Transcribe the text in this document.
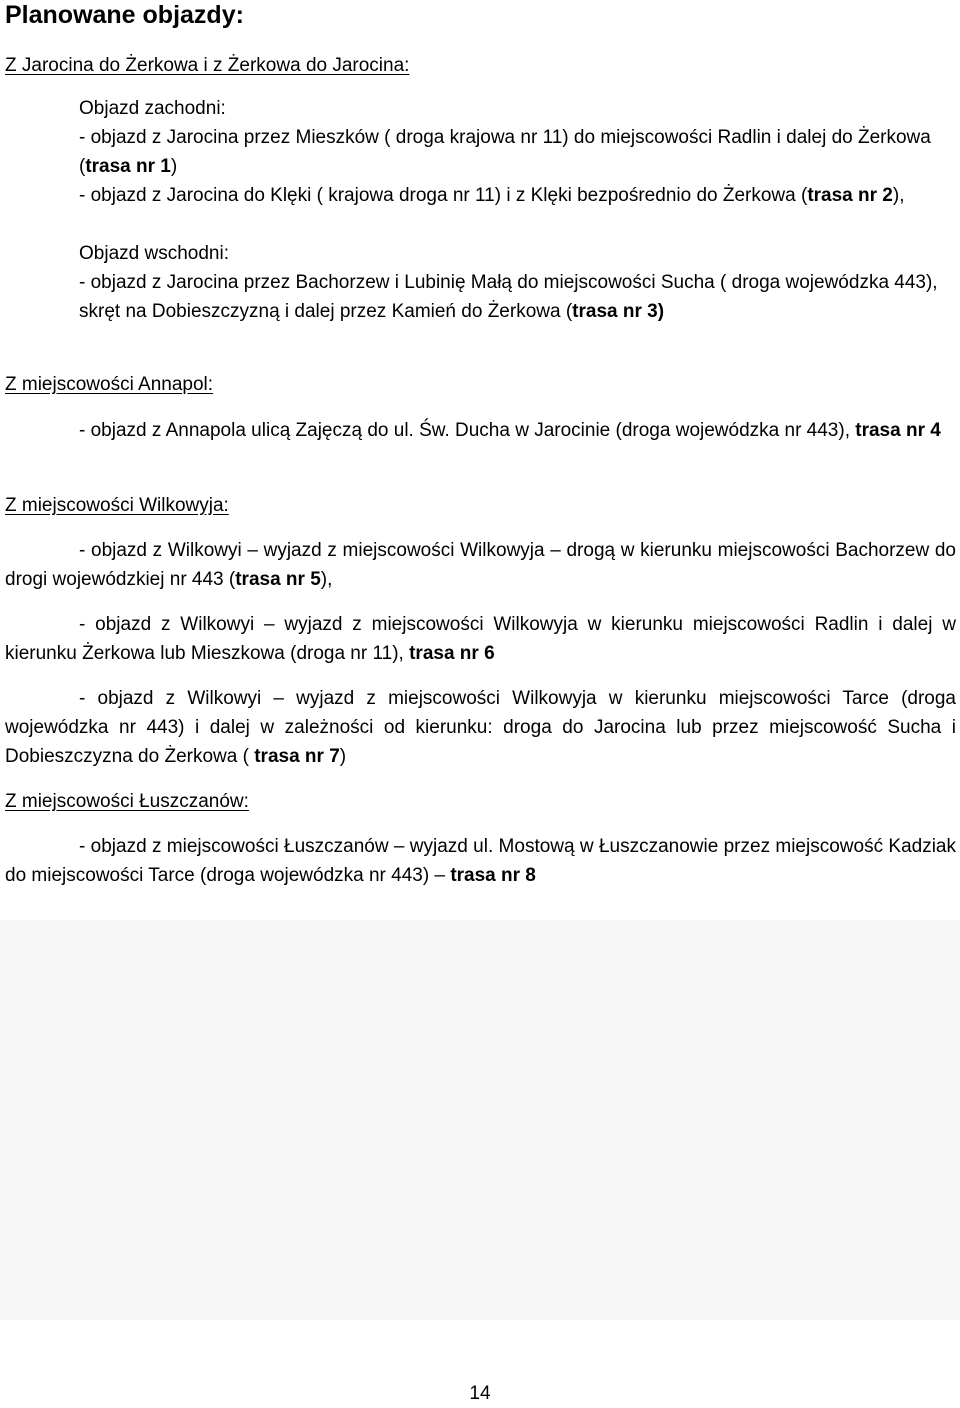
Planowane objazdy:
Z Jarocina do Żerkowa i z Żerkowa do Jarocina:
Objazd zachodni:
- objazd z Jarocina przez Mieszków ( droga krajowa nr 11) do miejscowości Radlin i dalej do Żerkowa (trasa nr 1)
- objazd z Jarocina do Klęki ( krajowa droga nr 11) i z Klęki bezpośrednio do Żerkowa (trasa nr 2),
Objazd wschodni:
- objazd z Jarocina przez Bachorzew i Lubinię Małą do miejscowości Sucha ( droga wojewódzka 443), skręt na Dobieszczyzną i dalej przez Kamień do Żerkowa (trasa nr 3)
Z miejscowości Annapol:
- objazd z Annapola ulicą Zajęczą do ul. Św. Ducha w Jarocinie (droga wojewódzka nr 443), trasa nr 4
Z miejscowości Wilkowyja:
- objazd z Wilkowyi – wyjazd z miejscowości Wilkowyja – drogą w kierunku miejscowości Bachorzew do drogi wojewódzkiej nr 443 (trasa nr 5),
- objazd z Wilkowyi – wyjazd z miejscowości Wilkowyja w kierunku miejscowości Radlin i dalej w kierunku Żerkowa lub Mieszkowa (droga nr 11), trasa nr 6
- objazd z Wilkowyi – wyjazd z miejscowości Wilkowyja w kierunku miejscowości Tarce (droga wojewódzka nr 443) i dalej w zależności od kierunku: droga do Jarocina lub przez miejscowość Sucha i Dobieszczyzna do Żerkowa ( trasa nr 7)
Z miejscowości Łuszczanów:
- objazd z miejscowości Łuszczanów – wyjazd ul. Mostową w Łuszczanowie przez miejscowość Kadziak do miejscowości Tarce (droga wojewódzka nr 443) – trasa nr 8
14
